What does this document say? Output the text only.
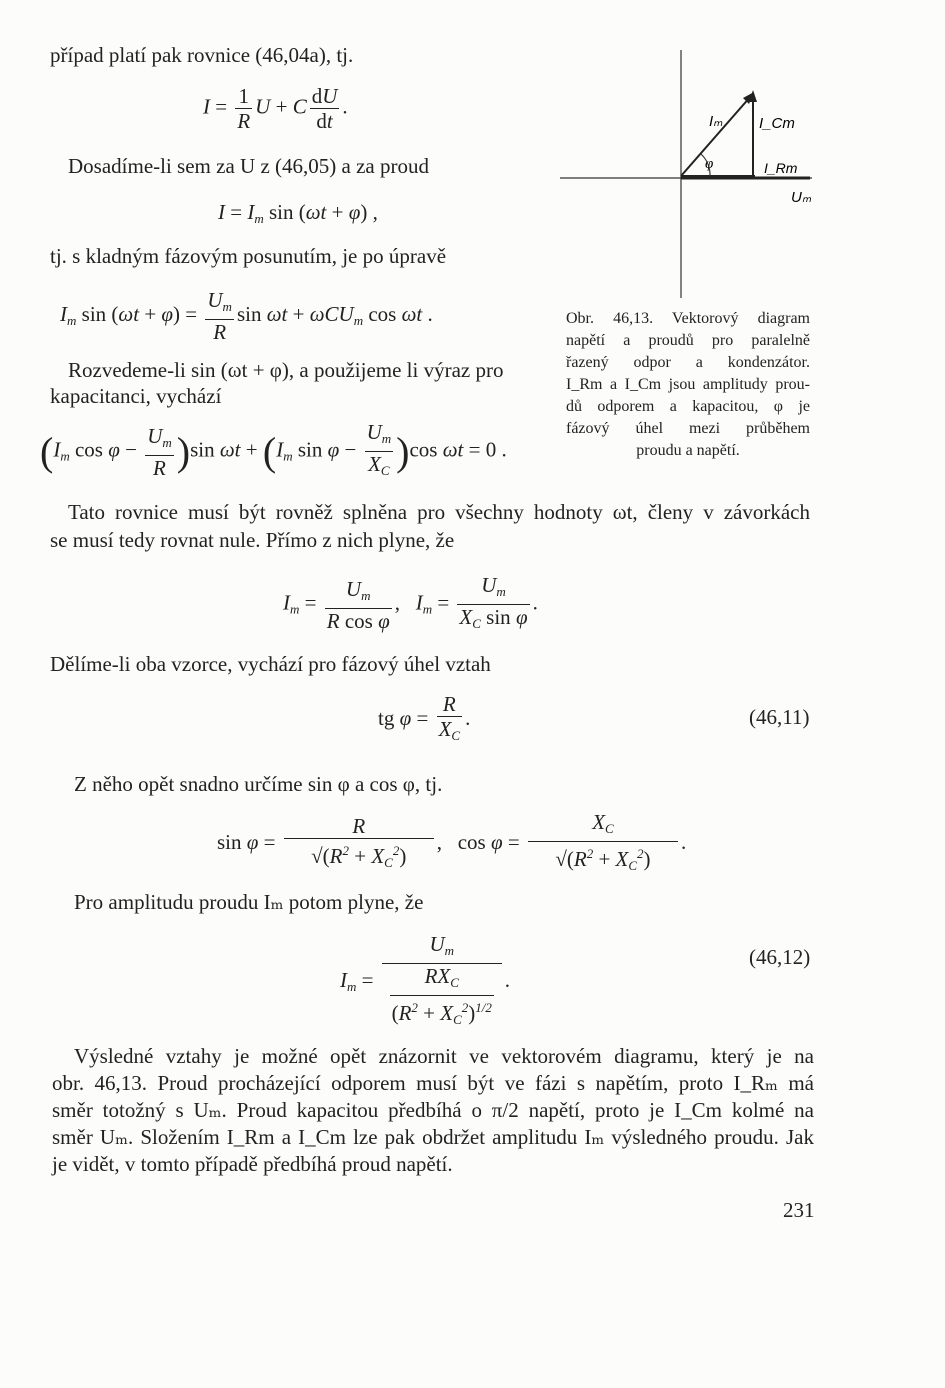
případ platí pak rovnice (46,04a), tj.
$I = \frac{1}{R}$ U + C $\frac{dU}{dt}$ .
Dosadíme-li sem za U z (46,05) a za proud
$I = I_m$ sin (ωt + φ) ,
tj. s kladným fázovým posunutím, je po úpravě
$I_m$ $\sin (\omega t + \varphi) = \frac{U_m}{R}$ sin ωt + ωCU$_m$ cos ωt .
Rozvedeme-li sin (ωt + φ), a použijeme li výraz pro
kapacitanci, vychází
($I_m$ $\cos \varphi - \frac{U_m}{R} )\sin$ $\omega t + (I_m$ $\sin \varphi - \frac{U_m}{X_C} )\cos$ ωt = 0 .
Iₘ I_Cm
I_Rm
Uₘ
φ
Obr. 46,13. Vektorový diagram
napětí a proudů pro paralelně
řazený odpor a kondenzátor.
I_Rm a I_Cm jsou amplitudy prou-
dů odporem a kapacitou, φ je
fázový úhel mezi průběhem
proudu a napětí.
Tato rovnice musí být rovněž splněna pro všechny hodnoty ωt, členy v závorkách
se musí tedy rovnat nule. Přímo z nich plyne, že
$I_m = \frac{U_m}{\text{R cos φ}}$ ,   $I_m = \frac{U_m}{X_C \sin \varphi}$ .
Dělíme-li oba vzorce, vychází pro fázový úhel vztah
tg $\varphi = \frac{R}{X_C}$ .	(46,11)
Z něho opět snadno určíme sin φ a cos φ, tj.
$\sin \varphi = \frac{R}{√(R^2 + X_C^2)}$ , $\cos \varphi = \frac{X_C}{√(R^2 + X_C^2)}$ .
Pro amplitudu proudu Iₘ potom plyne, že
$I_m = \frac{U_m}{\frac{RX_C}{(R^2 + X_C^2)^{1/2}}}$ .
(46,12)
Výsledné vztahy je možné opět znázornit ve vektorovém diagramu, který je na
obr. 46,13. Proud procházející odporem musí být ve fázi s napětím, proto I_Rₘ má
směr totožný s Uₘ. Proud kapacitou předbíhá o π/2 napětí, proto je I_Cm kolmé na
směr Uₘ. Složením I_Rm a I_Cm lze pak obdržet amplitudu Iₘ výsledného proudu. Jak
je vidět, v tomto případě předbíhá proud napětí.
231
